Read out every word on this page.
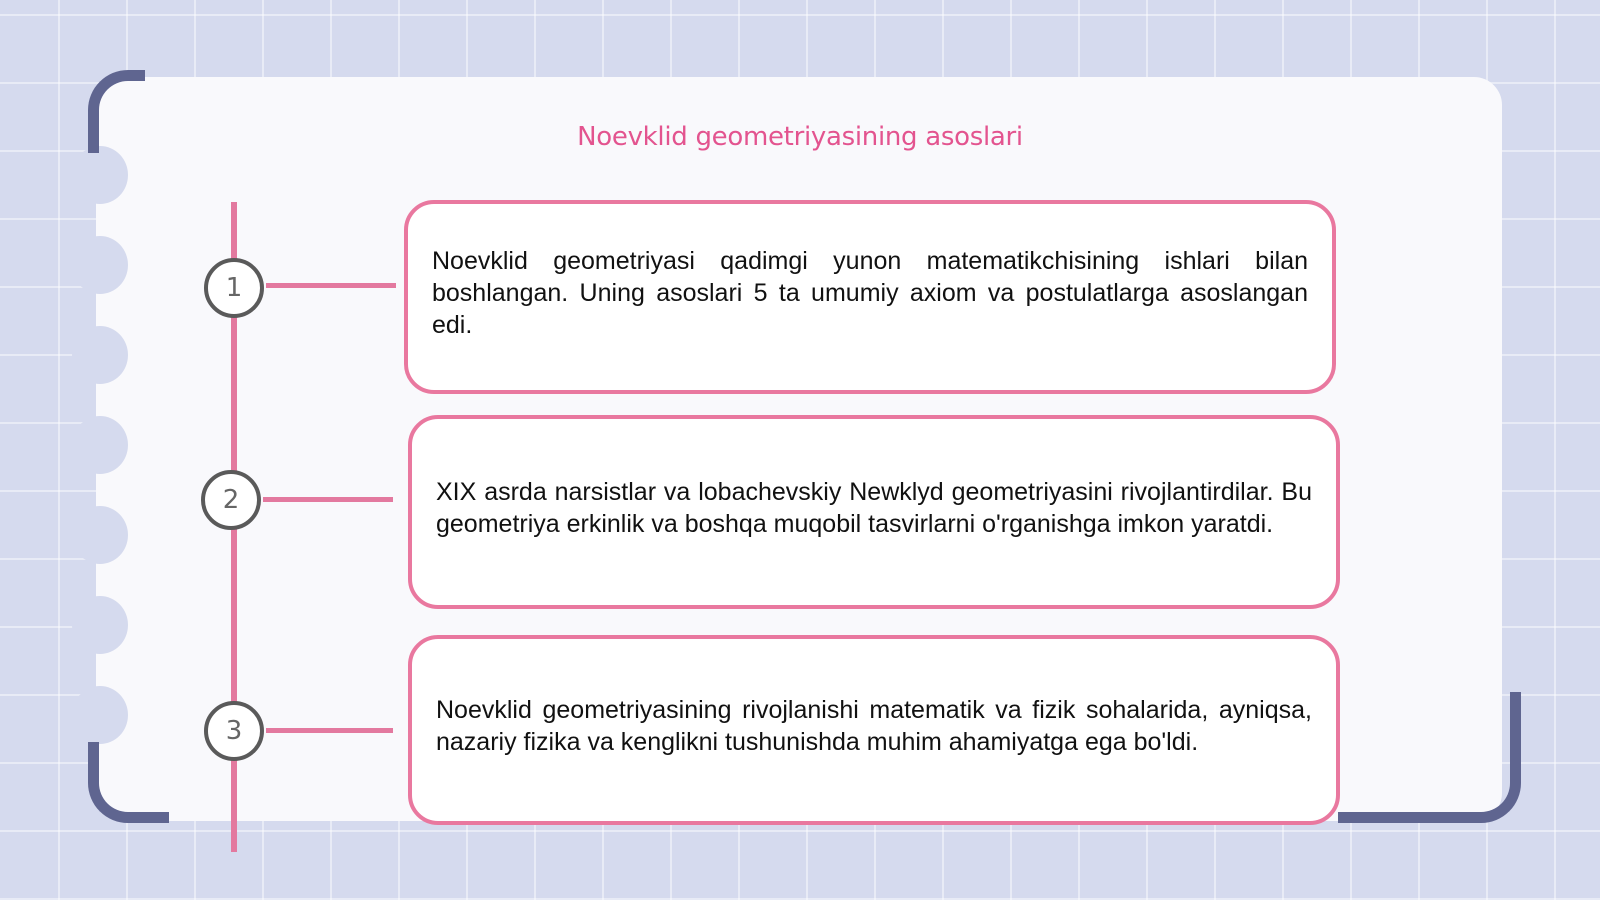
Noevklid geometriyasining asoslari
1
2
3

Noevklid geometriyasi qadimgi yunon matematikchisining ishlari bilan boshlangan. Uning asoslari 5 ta umumiy axiom va postulatlarga asoslangan edi.

XIX asrda narsistlar va lobachevskiy Newklyd geometriyasini rivojlantirdilar. Bu geometriya erkinlik va boshqa muqobil tasvirlarni o'rganishga imkon yaratdi.

Noevklid geometriyasining rivojlanishi matematik va fizik sohalarida, ayniqsa, nazariy fizika va kenglikni tushunishda muhim ahamiyatga ega bo'ldi.
